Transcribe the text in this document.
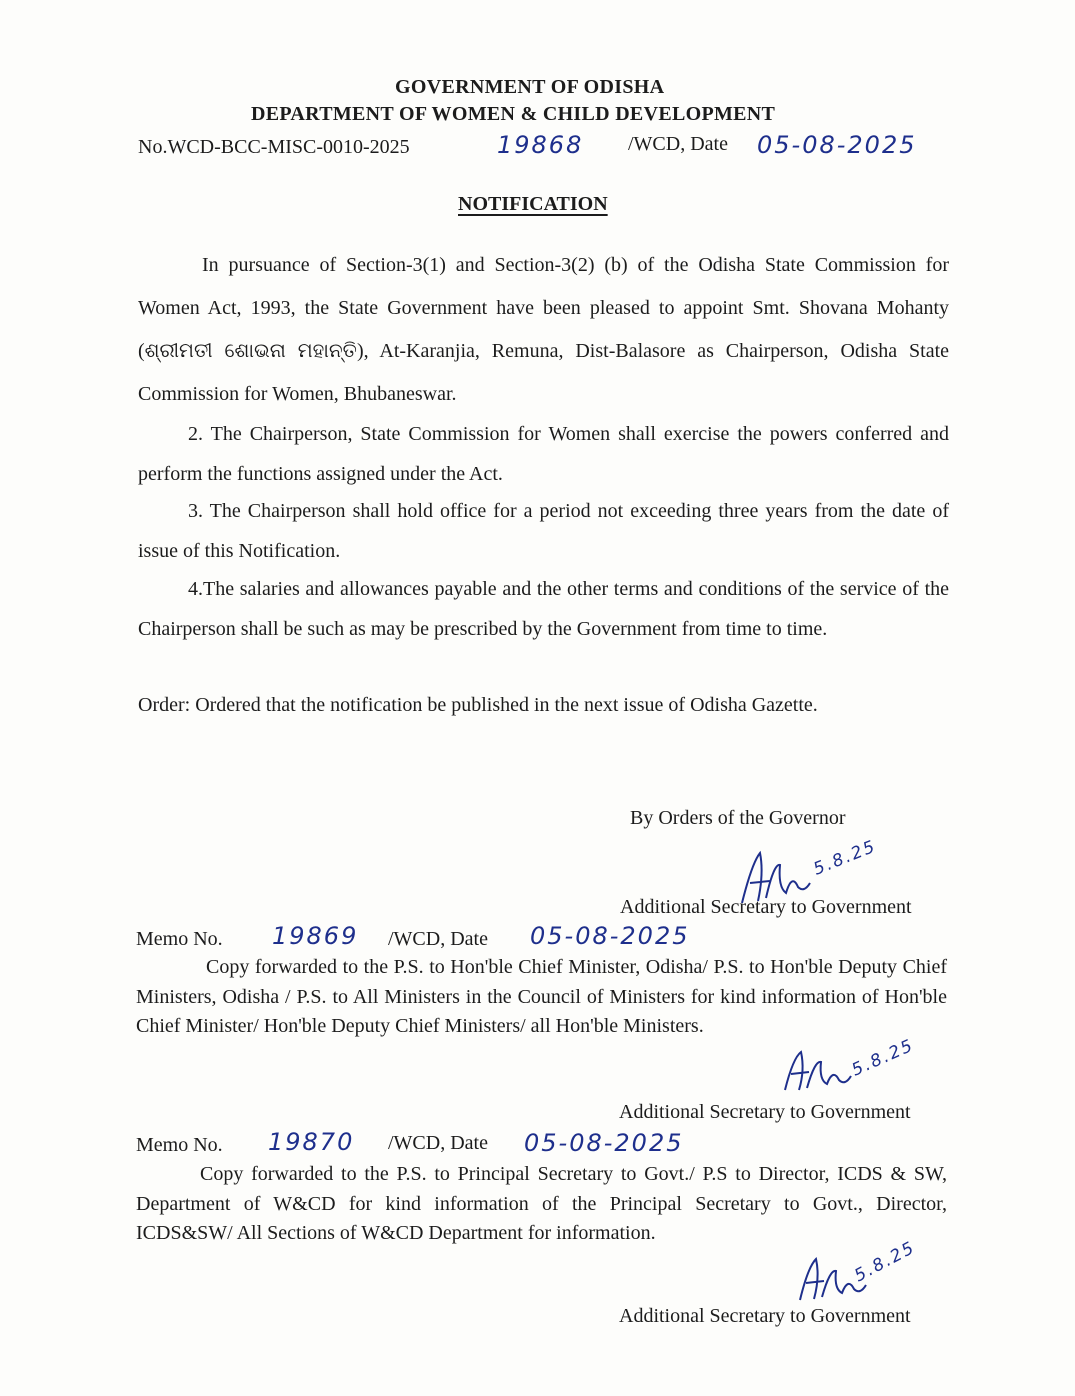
GOVERNMENT OF ODISHA
DEPARTMENT OF WOMEN & CHILD DEVELOPMENT
No.WCD-BCC-MISC-0010-2025	19868 /WCD, Date 05-08-2025
NOTIFICATION
In pursuance of Section-3(1) and Section-3(2) (b) of the Odisha State Commission for Women Act, 1993, the State Government have been pleased to appoint Smt. Shovana Mohanty (ଶ୍ରୀମତୀ ଶୋଭନା ମହାନ୍ତି), At-Karanjia, Remuna, Dist-Balasore as Chairperson, Odisha State Commission for Women, Bhubaneswar.
2. The Chairperson, State Commission for Women shall exercise the powers conferred and perform the functions assigned under the Act.
3. The Chairperson shall hold office for a period not exceeding three years from the date of issue of this Notification.
4.The salaries and allowances payable and the other terms and conditions of the service of the Chairperson shall be such as may be prescribed by the Government from time to time.
Order: Ordered that the notification be published in the next issue of Odisha Gazette.
By Orders of the Governor
5.8.25
Additional Secretary to Government
Memo No. 19869 /WCD, Date 05-08-2025
Copy forwarded to the P.S. to Hon'ble Chief Minister, Odisha/ P.S. to Hon'ble Deputy Chief Ministers, Odisha / P.S. to All Ministers in the Council of Ministers for kind information of Hon'ble Chief Minister/ Hon'ble Deputy Chief Ministers/ all Hon'ble Ministers.
5.8.25
Additional Secretary to Government
Memo No. 19870 /WCD, Date 05-08-2025
Copy forwarded to the P.S. to Principal Secretary to Govt./ P.S to Director, ICDS & SW, Department of W&CD for kind information of the Principal Secretary to Govt., Director, ICDS&SW/ All Sections of W&CD Department for information.
5.8.25
Additional Secretary to Government
